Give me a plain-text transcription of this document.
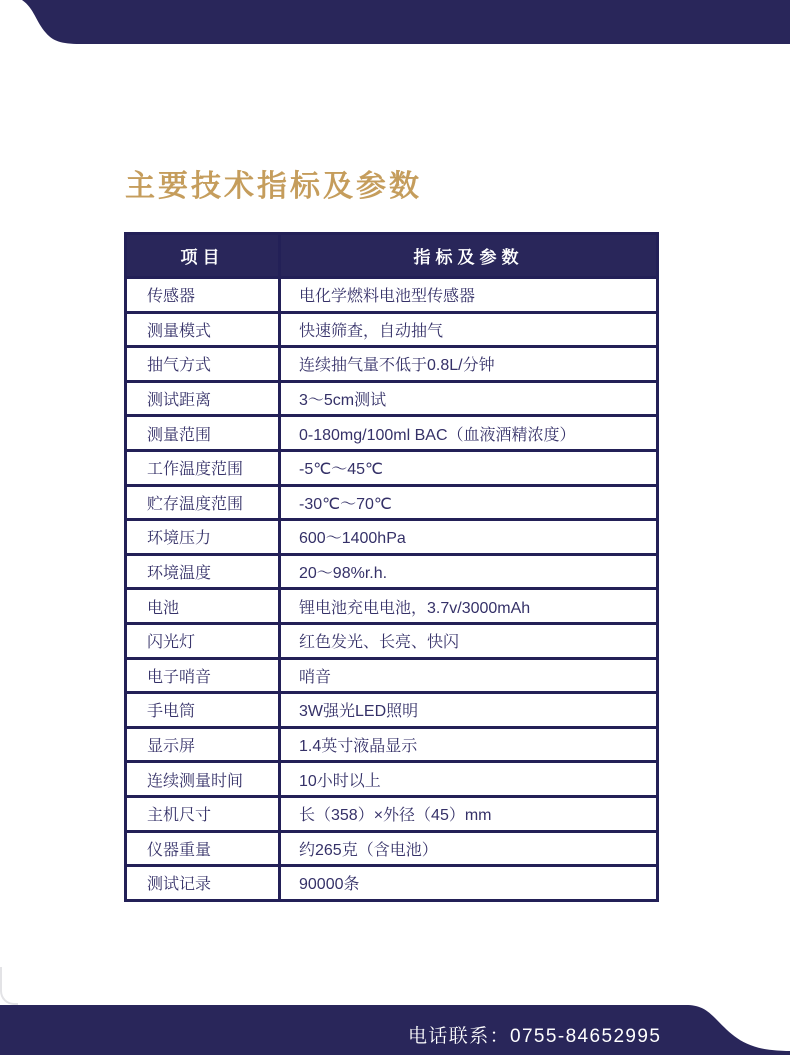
主要技术指标及参数
项目	指标及参数
传感器	电化学燃料电池型传感器
测量模式	快速筛查，自动抽气
抽气方式	连续抽气量不低于0.8L/分钟
测试距离	3～5cm测试
测量范围	0-180mg/100ml BAC（血液酒精浓度）
工作温度范围	-5℃～45℃
贮存温度范围	-30℃～70℃
环境压力	600～1400hPa
环境温度	20～98%r.h.
电池	锂电池充电电池，3.7v/3000mAh
闪光灯	红色发光、长亮、快闪
电子哨音	哨音
手电筒	3W强光LED照明
显示屏	1.4英寸液晶显示
连续测量时间	10小时以上
主机尺寸	长（358）×外径（45）mm
仪器重量	约265克（含电池）
测试记录	90000条
电话联系：0755-84652995
